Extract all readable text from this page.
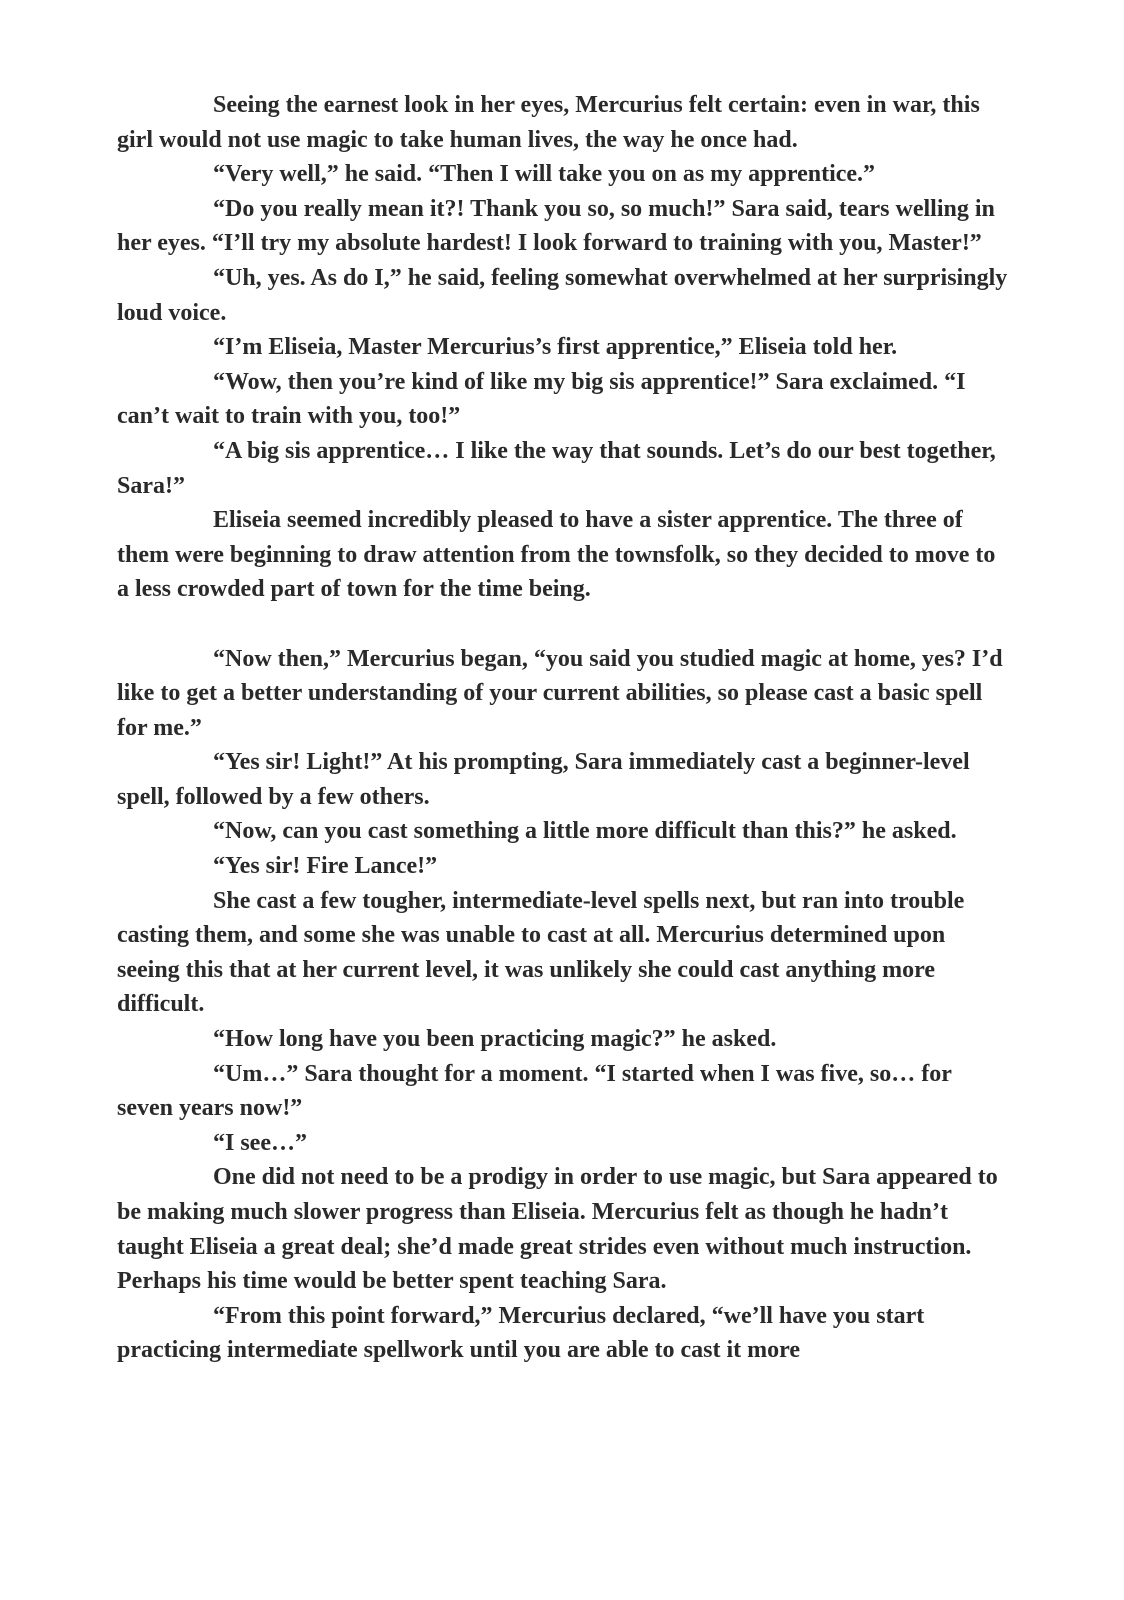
Seeing the earnest look in her eyes, Mercurius felt certain: even in war, this girl would not use magic to take human lives, the way he once had.

“Very well,” he said. “Then I will take you on as my apprentice.”

“Do you really mean it?! Thank you so, so much!” Sara said, tears welling in her eyes. “I’ll try my absolute hardest! I look forward to training with you, Master!”

“Uh, yes. As do I,” he said, feeling somewhat overwhelmed at her surprisingly loud voice.

“I’m Eliseia, Master Mercurius’s first apprentice,” Eliseia told her.

“Wow, then you’re kind of like my big sis apprentice!” Sara exclaimed. “I can’t wait to train with you, too!”

“A big sis apprentice… I like the way that sounds. Let’s do our best together, Sara!”

Eliseia seemed incredibly pleased to have a sister apprentice. The three of them were beginning to draw attention from the townsfolk, so they decided to move to a less crowded part of town for the time being.

“Now then,” Mercurius began, “you said you studied magic at home, yes? I’d like to get a better understanding of your current abilities, so please cast a basic spell for me.”

“Yes sir! Light!” At his prompting, Sara immediately cast a beginner-level spell, followed by a few others.

“Now, can you cast something a little more difficult than this?” he asked.

“Yes sir! Fire Lance!”

She cast a few tougher, intermediate-level spells next, but ran into trouble casting them, and some she was unable to cast at all. Mercurius determined upon seeing this that at her current level, it was unlikely she could cast anything more difficult.

“How long have you been practicing magic?” he asked.

“Um…” Sara thought for a moment. “I started when I was five, so… for seven years now!”

“I see…”

One did not need to be a prodigy in order to use magic, but Sara appeared to be making much slower progress than Eliseia. Mercurius felt as though he hadn’t taught Eliseia a great deal; she’d made great strides even without much instruction. Perhaps his time would be better spent teaching Sara.

“From this point forward,” Mercurius declared, “we’ll have you start practicing intermediate spellwork until you are able to cast it more
